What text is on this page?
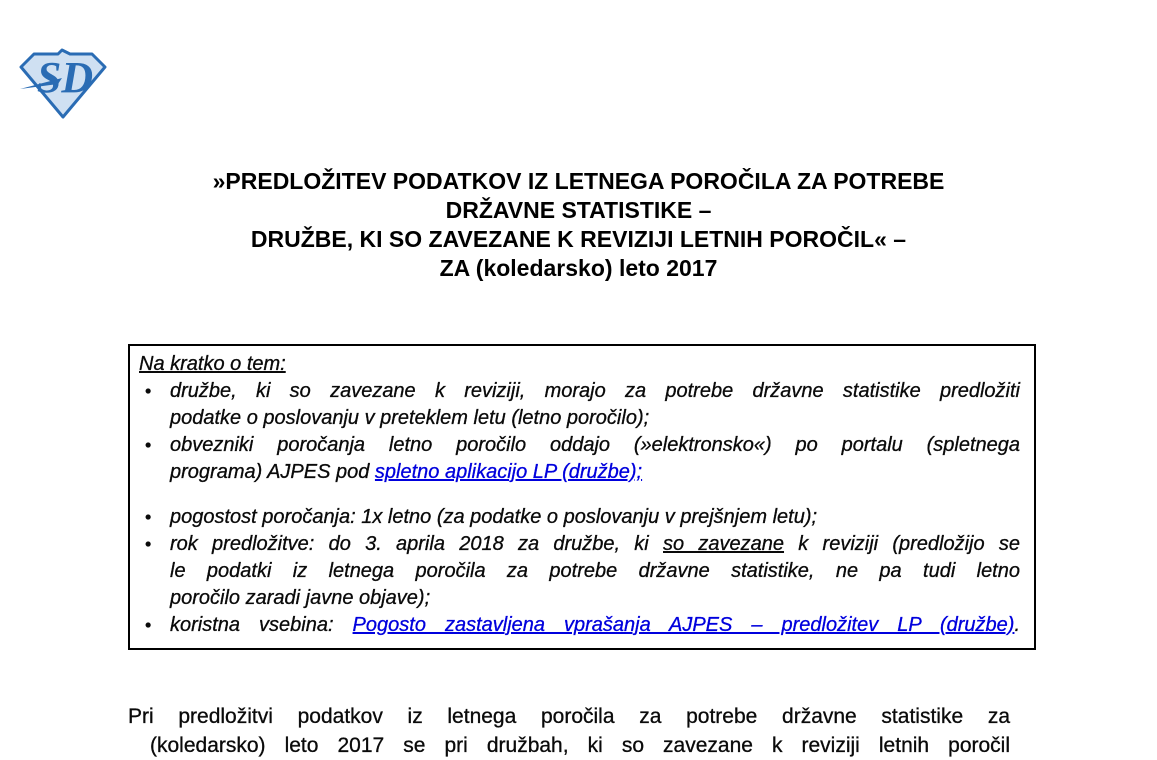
SD
»PREDLOŽITEV PODATKOV IZ LETNEGA POROČILA ZA POTREBE
DRŽAVNE STATISTIKE –
DRUŽBE, KI SO ZAVEZANE K REVIZIJI LETNIH POROČIL« –
ZA (koledarsko) leto 2017
Na kratko o tem:
• družbe, ki so zavezane k reviziji, morajo za potrebe državne statistike predložiti
podatke o poslovanju v preteklem letu (letno poročilo);
• obvezniki poročanja letno poročilo oddajo (»elektronsko«) po portalu (spletnega
programa) AJPES pod spletno aplikacijo LP (družbe);
• pogostost poročanja: 1x letno (za podatke o poslovanju v prejšnjem letu);
• rok predložitve: do 3. aprila 2018 za družbe, ki so zavezane k reviziji (predložijo se
le podatki iz letnega poročila za potrebe državne statistike, ne pa tudi letno
poročilo zaradi javne objave);
• koristna vsebina: Pogosto zastavljena vprašanja AJPES – predložitev LP (družbe).
Pri predložitvi podatkov iz letnega poročila za potrebe državne statistike za
(koledarsko) leto 2017 se pri družbah, ki so zavezane k reviziji letnih poročil
